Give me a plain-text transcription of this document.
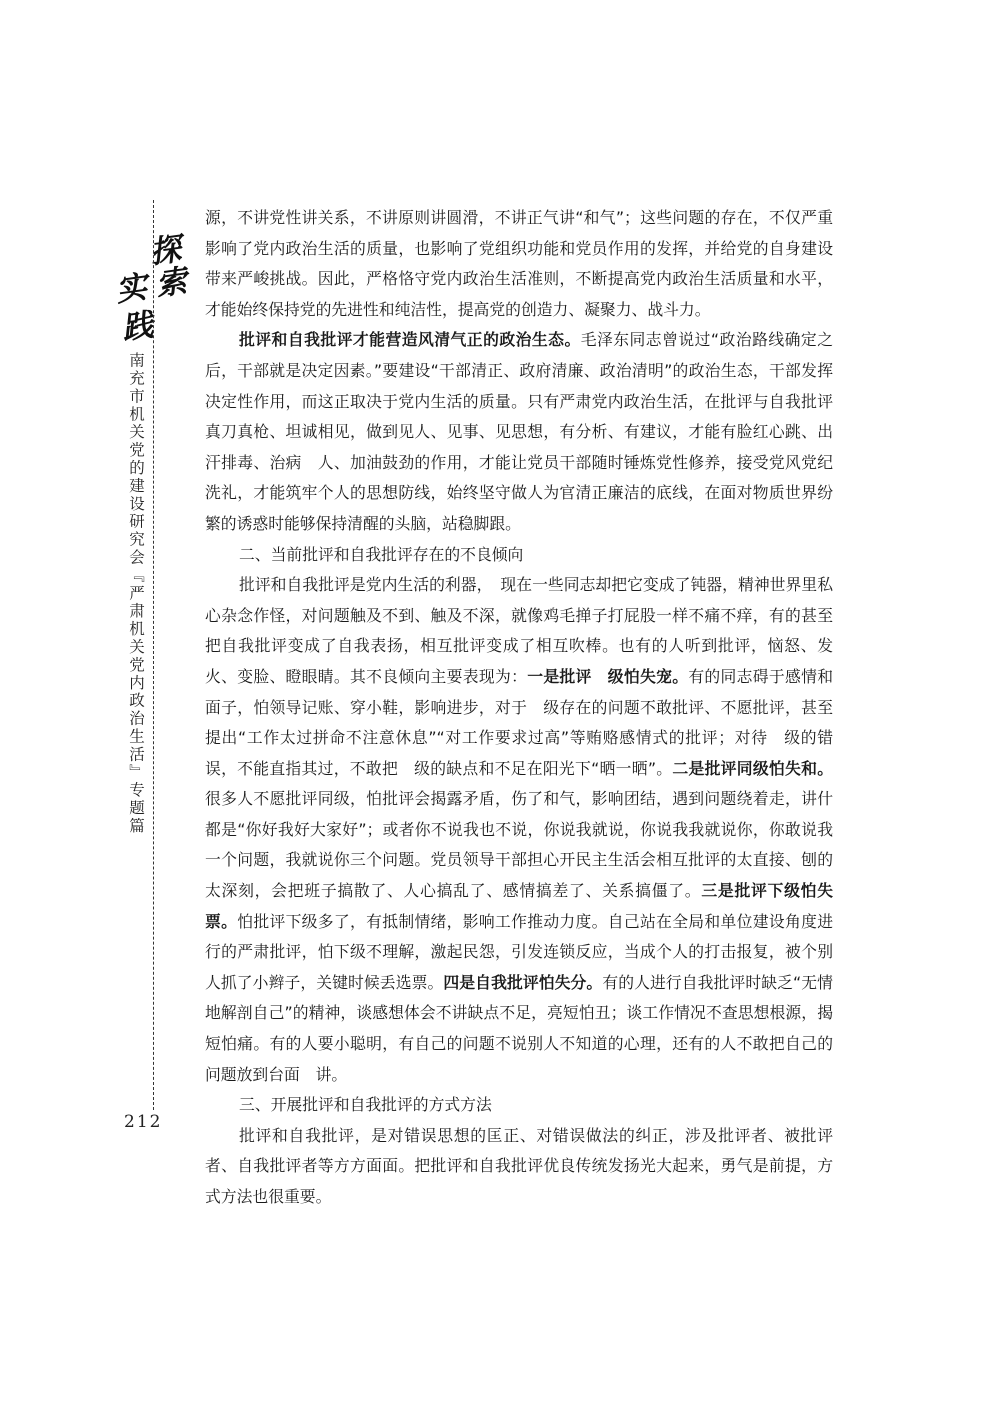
探
索
实
践
南充市机关党的建设研究会『严肃机关党内政治生活』专题篇
212

源，不讲党性讲关系，不讲原则讲圆滑，不讲正气讲“和气”；这些问题的存在，不仅严重影响了党内政治生活的质量，也影响了党组织功能和党员作用的发挥，并给党的自身建设带来严峻挑战。因此，严格恪守党内政治生活准则，不断提高党内政治生活质量和水平，才能始终保持党的先进性和纯洁性，提高党的创造力、凝聚力、战斗力。

批评和自我批评才能营造风清气正的政治生态。毛泽东同志曾说过“政治路线确定之后，干部就是决定因素。”要建设“干部清正、政府清廉、政治清明”的政治生态，干部发挥决定性作用，而这正取决于党内生活的质量。只有严肃党内政治生活，在批评与自我批评　真刀真枪、坦诚相见，做到见人、见事、见思想，有分析、有建议，才能有脸红心跳、出汗排毒、治病　人、加油鼓劲的作用，才能让党员干部随时锤炼党性修养，接受党风党纪洗礼，才能筑牢个人的思想防线，始终坚守做人为官清正廉洁的底线，在面对物质世界纷繁的诱惑时能够保持清醒的头脑，站稳脚跟。

二、当前批评和自我批评存在的不良倾向

批评和自我批评是党内生活的利器，　现在一些同志却把它变成了钝器，精神世界里私心杂念作怪，对问题触及不到、触及不深，就像鸡毛掸子打屁股一样不痛不痒，有的甚至把自我批评变成了自我表扬，相互批评变成了相互吹棒。也有的人听到批评，恼怒、发火、变脸、瞪眼睛。其不良倾向主要表现为：一是批评　级怕失宠。有的同志碍于感情和面子，怕领导记账、穿小鞋，影响进步，对于　级存在的问题不敢批评、不愿批评，甚至提出“工作太过拼命不注意休息”“对工作要求过高”等贿赂感情式的批评；对待　级的错误，不能直指其过，不敢把　级的缺点和不足在阳光下“晒一晒”。二是批评同级怕失和。很多人不愿批评同级，怕批评会揭露矛盾，伤了和气，影响团结，遇到问题绕着走，讲什　都是“你好我好大家好”；或者你不说我也不说，你说我就说，你说我我就说你，你敢说我一个问题，我就说你三个问题。党员领导干部担心开民主生活会相互批评的太直接、刨的太深刻，会把班子搞散了、人心搞乱了、感情搞差了、关系搞僵了。三是批评下级怕失票。怕批评下级多了，有抵制情绪，影响工作推动力度。自己站在全局和单位建设角度进行的严肃批评，怕下级不理解，激起民怨，引发连锁反应，当成个人的打击报复，被个别人抓了小辫子，关键时候丢选票。四是自我批评怕失分。有的人进行自我批评时缺乏“无情地解剖自己”的精神，谈感想体会不讲缺点不足，亮短怕丑；谈工作情况不查思想根源，揭短怕痛。有的人要小聪明，有自己的问题不说别人不知道的心理，还有的人不敢把自己的问题放到台面　讲。

三、开展批评和自我批评的方式方法

批评和自我批评，是对错误思想的匡正、对错误做法的纠正，涉及批评者、被批评者、自我批评者等方方面面。把批评和自我批评优良传统发扬光大起来，勇气是前提，方式方法也很重要。
